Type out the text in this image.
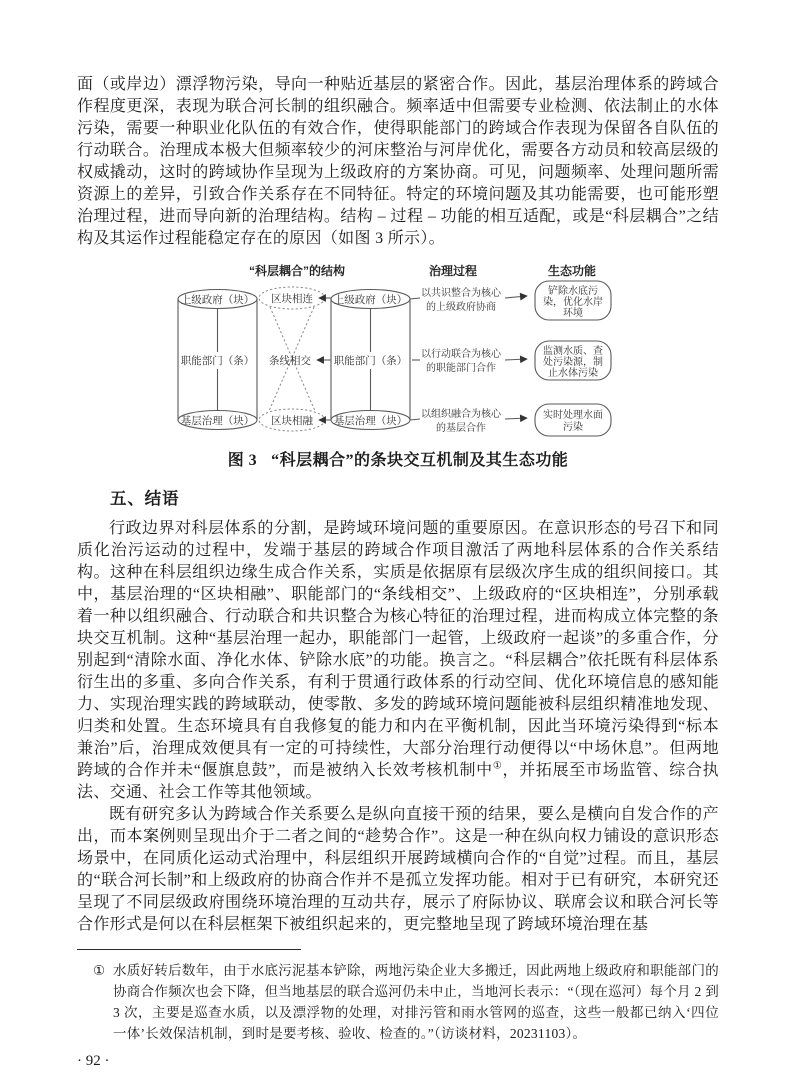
面（或岸边）漂浮物污染，导向一种贴近基层的紧密合作。因此，基层治理体系的跨域合作程度更深，表现为联合河长制的组织融合。频率适中但需要专业检测、依法制止的水体污染，需要一种职业化队伍的有效合作，使得职能部门的跨域合作表现为保留各自队伍的行动联合。治理成本极大但频率较少的河床整治与河岸优化，需要各方动员和较高层级的权威撬动，这时的跨域协作呈现为上级政府的方案协商。可见，问题频率、处理问题所需资源上的差异，引致合作关系存在不同特征。特定的环境问题及其功能需要，也可能形塑治理过程，进而导向新的治理结构。结构 – 过程 – 功能的相互适配，或是“科层耦合”之结构及其运作过程能稳定存在的原因（如图 3 所示）。

“科层耦合”的结构	治理过程	生态功能
上级政府（块）
职能部门（条）
基层治理（块）
区块相连
条线相交
区块相融
上级政府（块）
职能部门（条）
基层治理（块）
以共识整合为核心
的上级政府协商
以行动联合为核心
的职能部门合作
以组织融合为核心
的基层合作
铲除水底污
染，优化水岸
环境
监测水质、查
处污染源，制
止水体污染
实时处理水面
污染
图 3 “科层耦合”的条块交互机制及其生态功能
五、结语

行政边界对科层体系的分割，是跨域环境问题的重要原因。在意识形态的号召下和同质化治污运动的过程中，发端于基层的跨域合作项目激活了两地科层体系的合作关系结构。这种在科层组织边缘生成合作关系，实质是依据原有层级次序生成的组织间接口。其中，基层治理的“区块相融”、职能部门的“条线相交”、上级政府的“区块相连”，分别承载着一种以组织融合、行动联合和共识整合为核心特征的治理过程，进而构成立体完整的条块交互机制。这种“基层治理一起办，职能部门一起管，上级政府一起谈”的多重合作，分别起到“清除水面、净化水体、铲除水底”的功能。换言之。“科层耦合”依托既有科层体系衍生出的多重、多向合作关系，有利于贯通行政体系的行动空间、优化环境信息的感知能力、实现治理实践的跨域联动，使零散、多发的跨域环境问题能被科层组织精准地发现、归类和处置。生态环境具有自我修复的能力和内在平衡机制，因此当环境污染得到“标本兼治”后，治理成效便具有一定的可持续性，大部分治理行动便得以“中场休息”。但两地跨域的合作并未“偃旗息鼓”，而是被纳入长效考核机制中①，并拓展至市场监管、综合执法、交通、社会工作等其他领域。

既有研究多认为跨域合作关系要么是纵向直接干预的结果，要么是横向自发合作的产出，而本案例则呈现出介于二者之间的“趁势合作”。这是一种在纵向权力铺设的意识形态场景中，在同质化运动式治理中，科层组织开展跨域横向合作的“自觉”过程。而且，基层的“联合河长制”和上级政府的协商合作并不是孤立发挥功能。相对于已有研究，本研究还呈现了不同层级政府围绕环境治理的互动共存，展示了府际协议、联席会议和联合河长等合作形式是何以在科层框架下被组织起来的，更完整地呈现了跨域环境治理在基

① 水质好转后数年，由于水底污泥基本铲除，两地污染企业大多搬迁，因此两地上级政府和职能部门的协商合作频次也会下降，但当地基层的联合巡河仍未中止，当地河长表示：“（现在巡河）每个月 2 到 3 次，主要是巡查水质，以及漂浮物的处理，对排污管和雨水管网的巡查，这些一般都已纳入‘四位一体’长效保洁机制，到时是要考核、验收、检查的。”（访谈材料，20231103）。
· 92 ·
